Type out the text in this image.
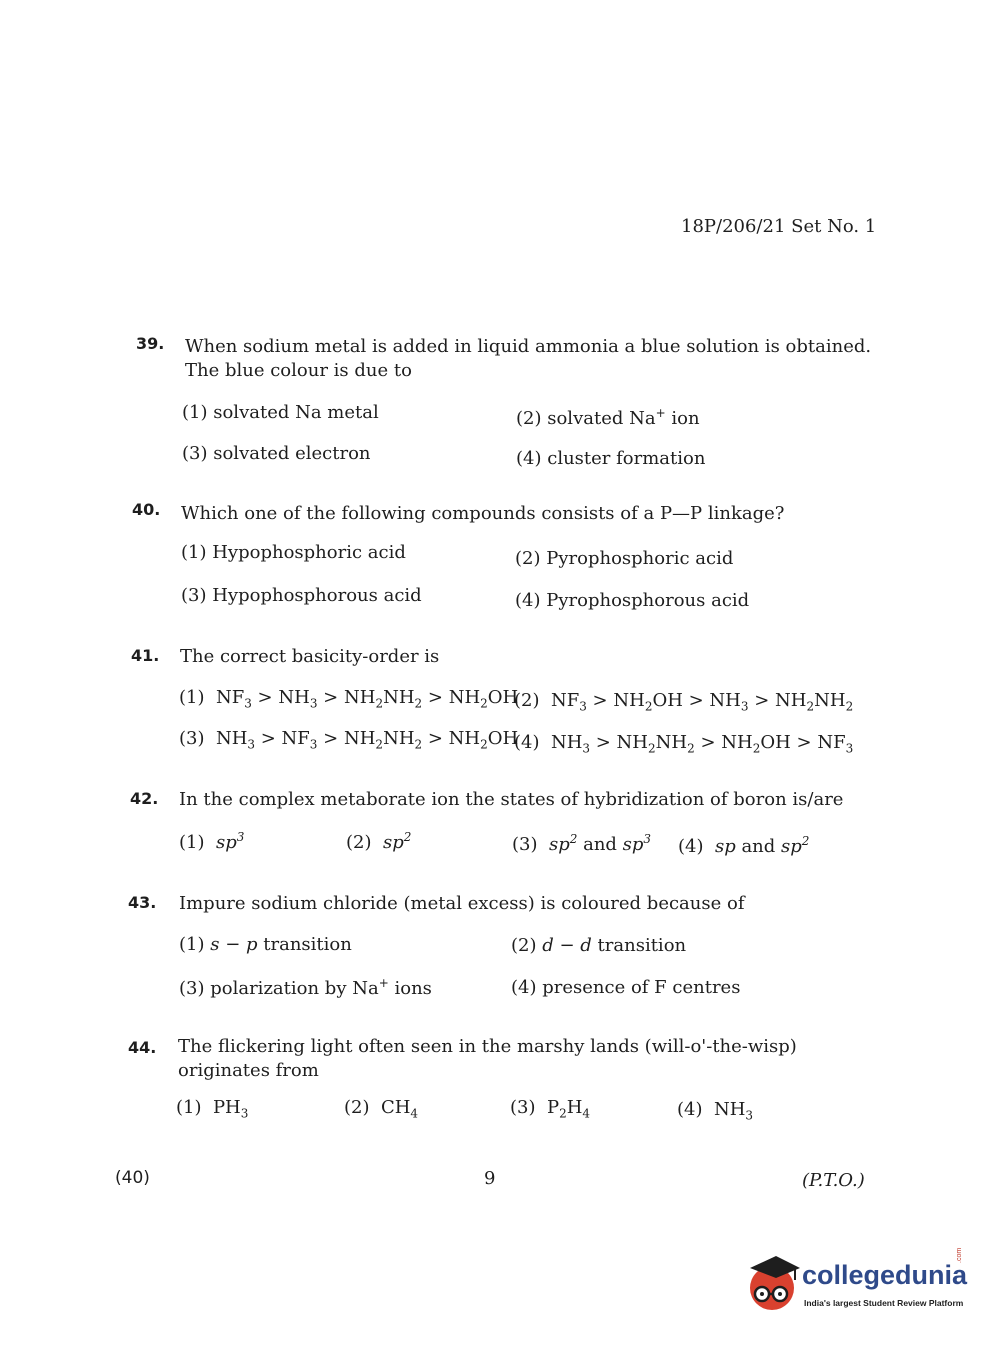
18P/206/21 Set No. 1
39. When sodium metal is added in liquid ammonia a blue solution is obtained. The blue colour is due to
(1) solvated Na metal	(2) solvated Na+ ion
(3) solvated electron	(4) cluster formation
40. Which one of the following compounds consists of a P—P linkage?
(1) Hypophosphoric acid	(2) Pyrophosphoric acid
(3) Hypophosphorous acid	(4) Pyrophosphorous acid
41. The correct basicity-order is
(1)  $NF_3 > NH_3 > NH_2NH_2 > NH_2OH$
(2)  $NF_3 > NH_2OH > NH_3 > NH_2NH_2$
(3)  $NH_3 > NF_3 > NH_2NH_2 > NH_2OH$
(4)  $NH_3 > NH_2NH_2 > NH_2OH > NF_3$
42. In the complex metaborate ion the states of hybridization of boron is/are
(1) $sp^3$	(2) $sp^2$	(3) $sp^2$ and $sp^3$ (4) sp and $sp^2$
43. Impure sodium chloride (metal excess) is coloured because of
(1) s − p transition	(2) d − d transition
(3) polarization by Na+ ions	(4) presence of F centres
44. The flickering light often seen in the marshy lands (will-o'-the-wisp) originates from
(1)  $PH_3$	(2)  $CH_4$	(3)  $P_2H_4$	(4)  $NH_3$
(40)	9	(P.T.O.)
collegedunia
.com
India's largest Student Review Platform
